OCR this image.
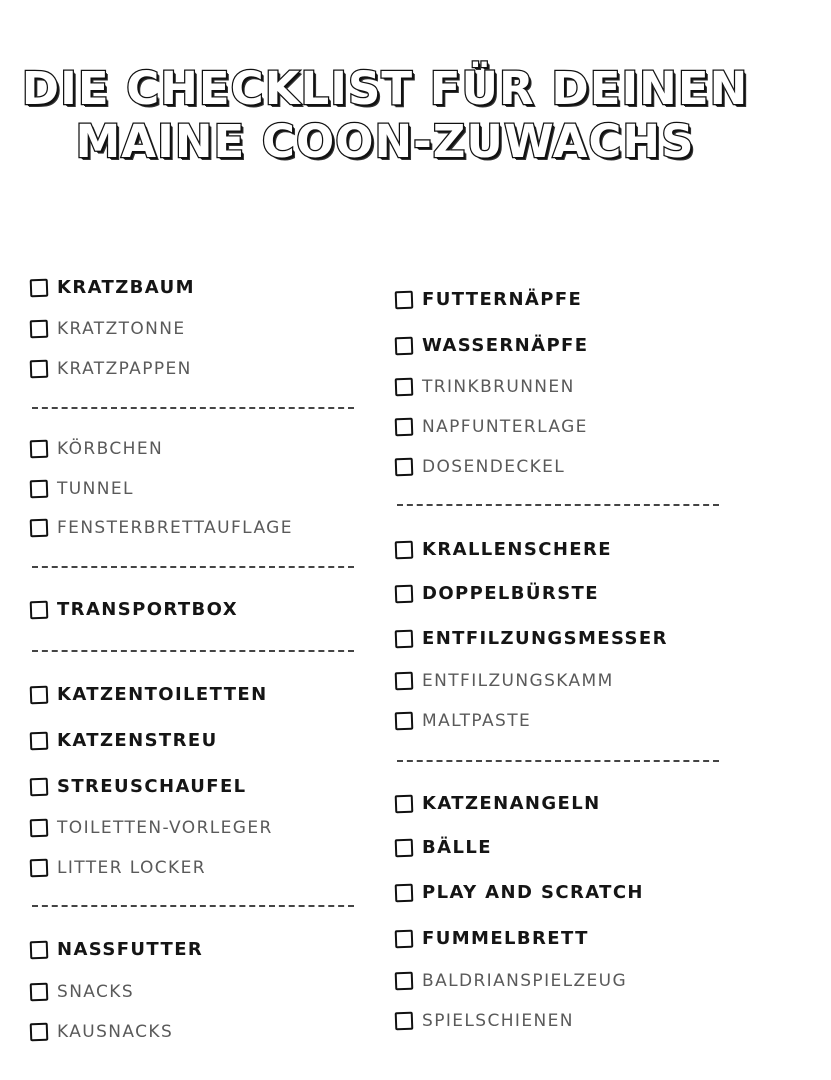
DIE CHECKLIST FÜR DEINEN
MAINE COON-ZUWACHS
KRATZBAUM
KRATZTONNE
KRATZPAPPEN
KÖRBCHEN
TUNNEL
FENSTERBRETTAUFLAGE
TRANSPORTBOX
KATZENTOILETTEN
KATZENSTREU
STREUSCHAUFEL
TOILETTEN-VORLEGER
LITTER LOCKER
NASSFUTTER
SNACKS
KAUSNACKS
FUTTERNÄPFE
WASSERNÄPFE
TRINKBRUNNEN
NAPFUNTERLAGE
DOSENDECKEL
KRALLENSCHERE
DOPPELBÜRSTE
ENTFILZUNGSMESSER
ENTFILZUNGSKAMM
MALTPASTE
KATZENANGELN
BÄLLE
PLAY AND SCRATCH
FUMMELBRETT
BALDRIANSPIELZEUG
SPIELSCHIENEN
